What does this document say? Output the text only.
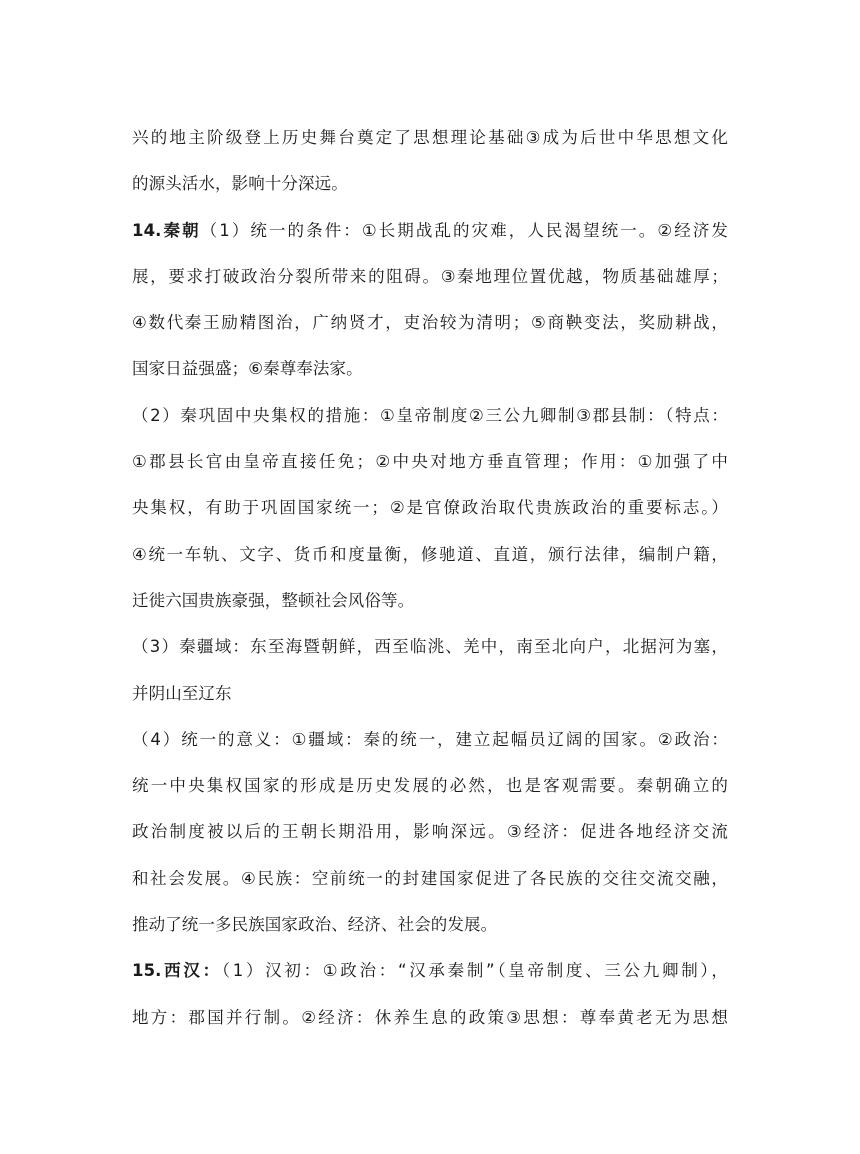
兴的地主阶级登上历史舞台奠定了思想理论基础③成为后世中华思想文化
的源头活水，影响十分深远。
14.秦朝（1）统一的条件：①长期战乱的灾难，人民渴望统一。②经济发
展，要求打破政治分裂所带来的阻碍。③秦地理位置优越，物质基础雄厚；
④数代秦王励精图治，广纳贤才，吏治较为清明；⑤商鞅变法，奖励耕战，
国家日益强盛；⑥秦尊奉法家。
（2）秦巩固中央集权的措施：①皇帝制度②三公九卿制③郡县制：（特点：
①郡县长官由皇帝直接任免；②中央对地方垂直管理；作用：①加强了中
央集权，有助于巩固国家统一；②是官僚政治取代贵族政治的重要标志。）
④统一车轨、文字、货币和度量衡，修驰道、直道，颁行法律，编制户籍，
迁徙六国贵族豪强，整顿社会风俗等。
（3）秦疆域：东至海暨朝鲜，西至临洮、羌中，南至北向户，北据河为塞，
并阴山至辽东
（4）统一的意义：①疆域：秦的统一，建立起幅员辽阔的国家。②政治：
统一中央集权国家的形成是历史发展的必然，也是客观需要。秦朝确立的
政治制度被以后的王朝长期沿用，影响深远。③经济：促进各地经济交流
和社会发展。④民族：空前统一的封建国家促进了各民族的交往交流交融，
推动了统一多民族国家政治、经济、社会的发展。
15.西汉：（1）汉初：①政治：“汉承秦制”（皇帝制度、三公九卿制），
地方：郡国并行制。②经济：休养生息的政策③思想：尊奉黄老无为思想
